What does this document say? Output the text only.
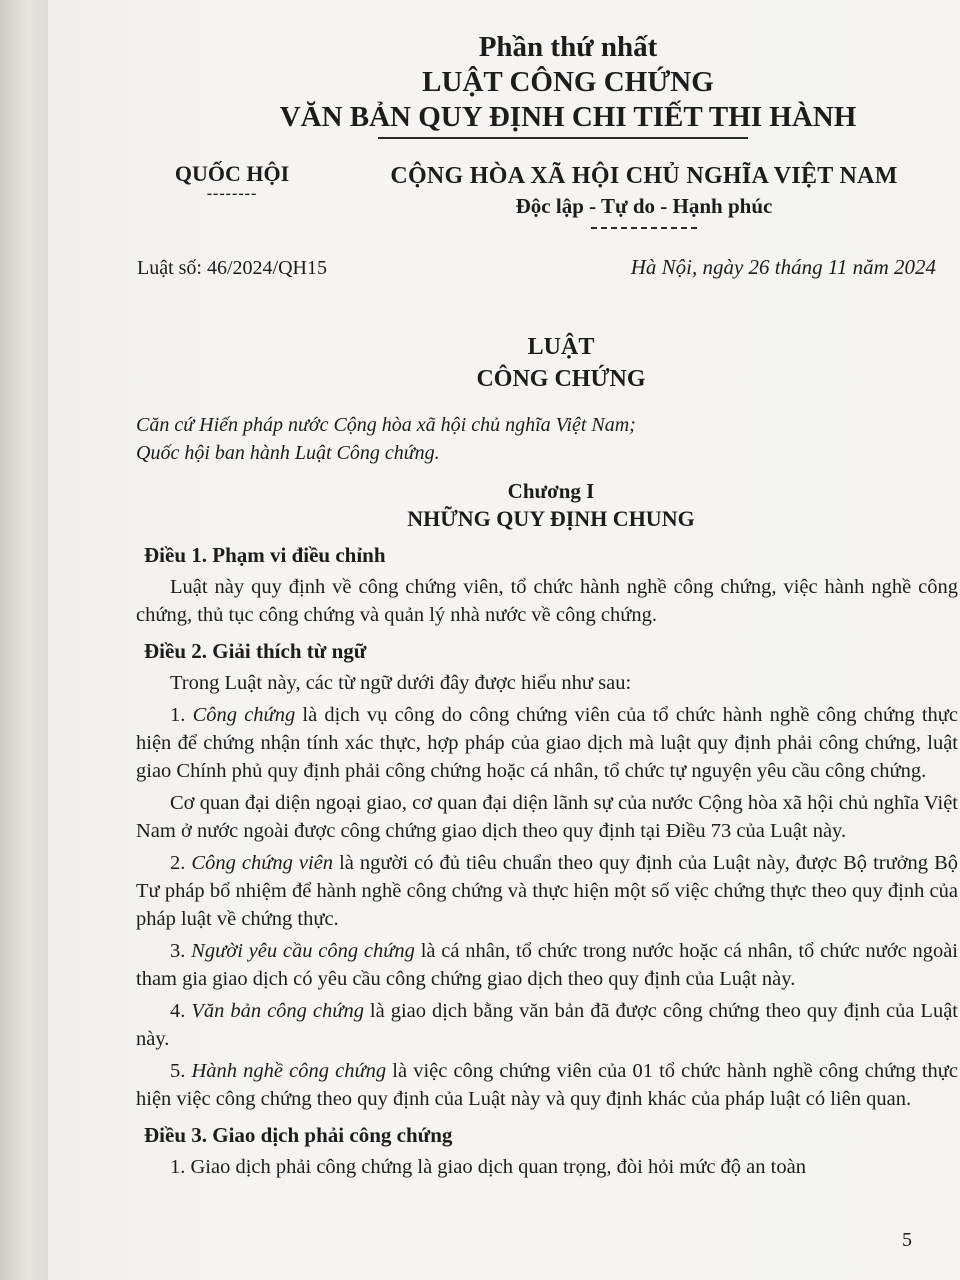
Phần thứ nhất
LUẬT CÔNG CHỨNG
VĂN BẢN QUY ĐỊNH CHI TIẾT THI HÀNH
QUỐC HỘI
--------
CỘNG HÒA XÃ HỘI CHỦ NGHĨA VIỆT NAM
Độc lập - Tự do - Hạnh phúc
Luật số: 46/2024/QH15	Hà Nội, ngày 26 tháng 11 năm 2024
LUẬT
CÔNG CHỨNG
Căn cứ Hiến pháp nước Cộng hòa xã hội chủ nghĩa Việt Nam;
Quốc hội ban hành Luật Công chứng.
Chương I
NHỮNG QUY ĐỊNH CHUNG
Điều 1. Phạm vi điều chỉnh

Luật này quy định về công chứng viên, tổ chức hành nghề công chứng, việc hành nghề công chứng, thủ tục công chứng và quản lý nhà nước về công chứng.

Điều 2. Giải thích từ ngữ

Trong Luật này, các từ ngữ dưới đây được hiểu như sau:

1. Công chứng là dịch vụ công do công chứng viên của tổ chức hành nghề công chứng thực hiện để chứng nhận tính xác thực, hợp pháp của giao dịch mà luật quy định phải công chứng, luật giao Chính phủ quy định phải công chứng hoặc cá nhân, tổ chức tự nguyện yêu cầu công chứng.

Cơ quan đại diện ngoại giao, cơ quan đại diện lãnh sự của nước Cộng hòa xã hội chủ nghĩa Việt Nam ở nước ngoài được công chứng giao dịch theo quy định tại Điều 73 của Luật này.

2. Công chứng viên là người có đủ tiêu chuẩn theo quy định của Luật này, được Bộ trưởng Bộ Tư pháp bổ nhiệm để hành nghề công chứng và thực hiện một số việc chứng thực theo quy định của pháp luật về chứng thực.

3. Người yêu cầu công chứng là cá nhân, tổ chức trong nước hoặc cá nhân, tổ chức nước ngoài tham gia giao dịch có yêu cầu công chứng giao dịch theo quy định của Luật này.

4. Văn bản công chứng là giao dịch bằng văn bản đã được công chứng theo quy định của Luật này.

5. Hành nghề công chứng là việc công chứng viên của 01 tổ chức hành nghề công chứng thực hiện việc công chứng theo quy định của Luật này và quy định khác của pháp luật có liên quan.

Điều 3. Giao dịch phải công chứng

1. Giao dịch phải công chứng là giao dịch quan trọng, đòi hỏi mức độ an toàn

5
